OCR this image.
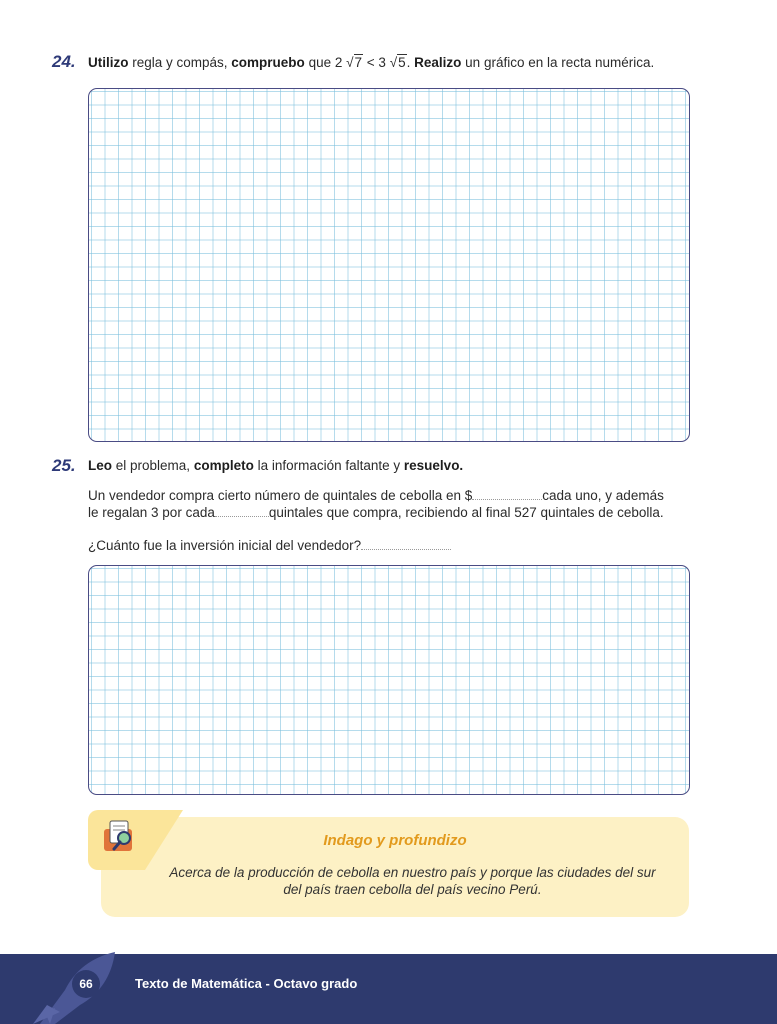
24. Utilizo regla y compás, compruebo que 2 √7 < 3 √5. Realizo un gráfico en la recta numérica.
25. Leo el problema, completo la información faltante y resuelvo.
Un vendedor compra cierto número de quintales de cebolla en $	cada uno, y además
le regalan 3 por cada	quintales que compra, recibiendo al final 527 quintales de cebolla.
¿Cuánto fue la inversión inicial del vendedor?
Indago y profundizo
Acerca de la producción de cebolla en nuestro país y porque las ciudades del sur del país traen cebolla del país vecino Perú.
66	Texto de Matemática - Octavo grado
